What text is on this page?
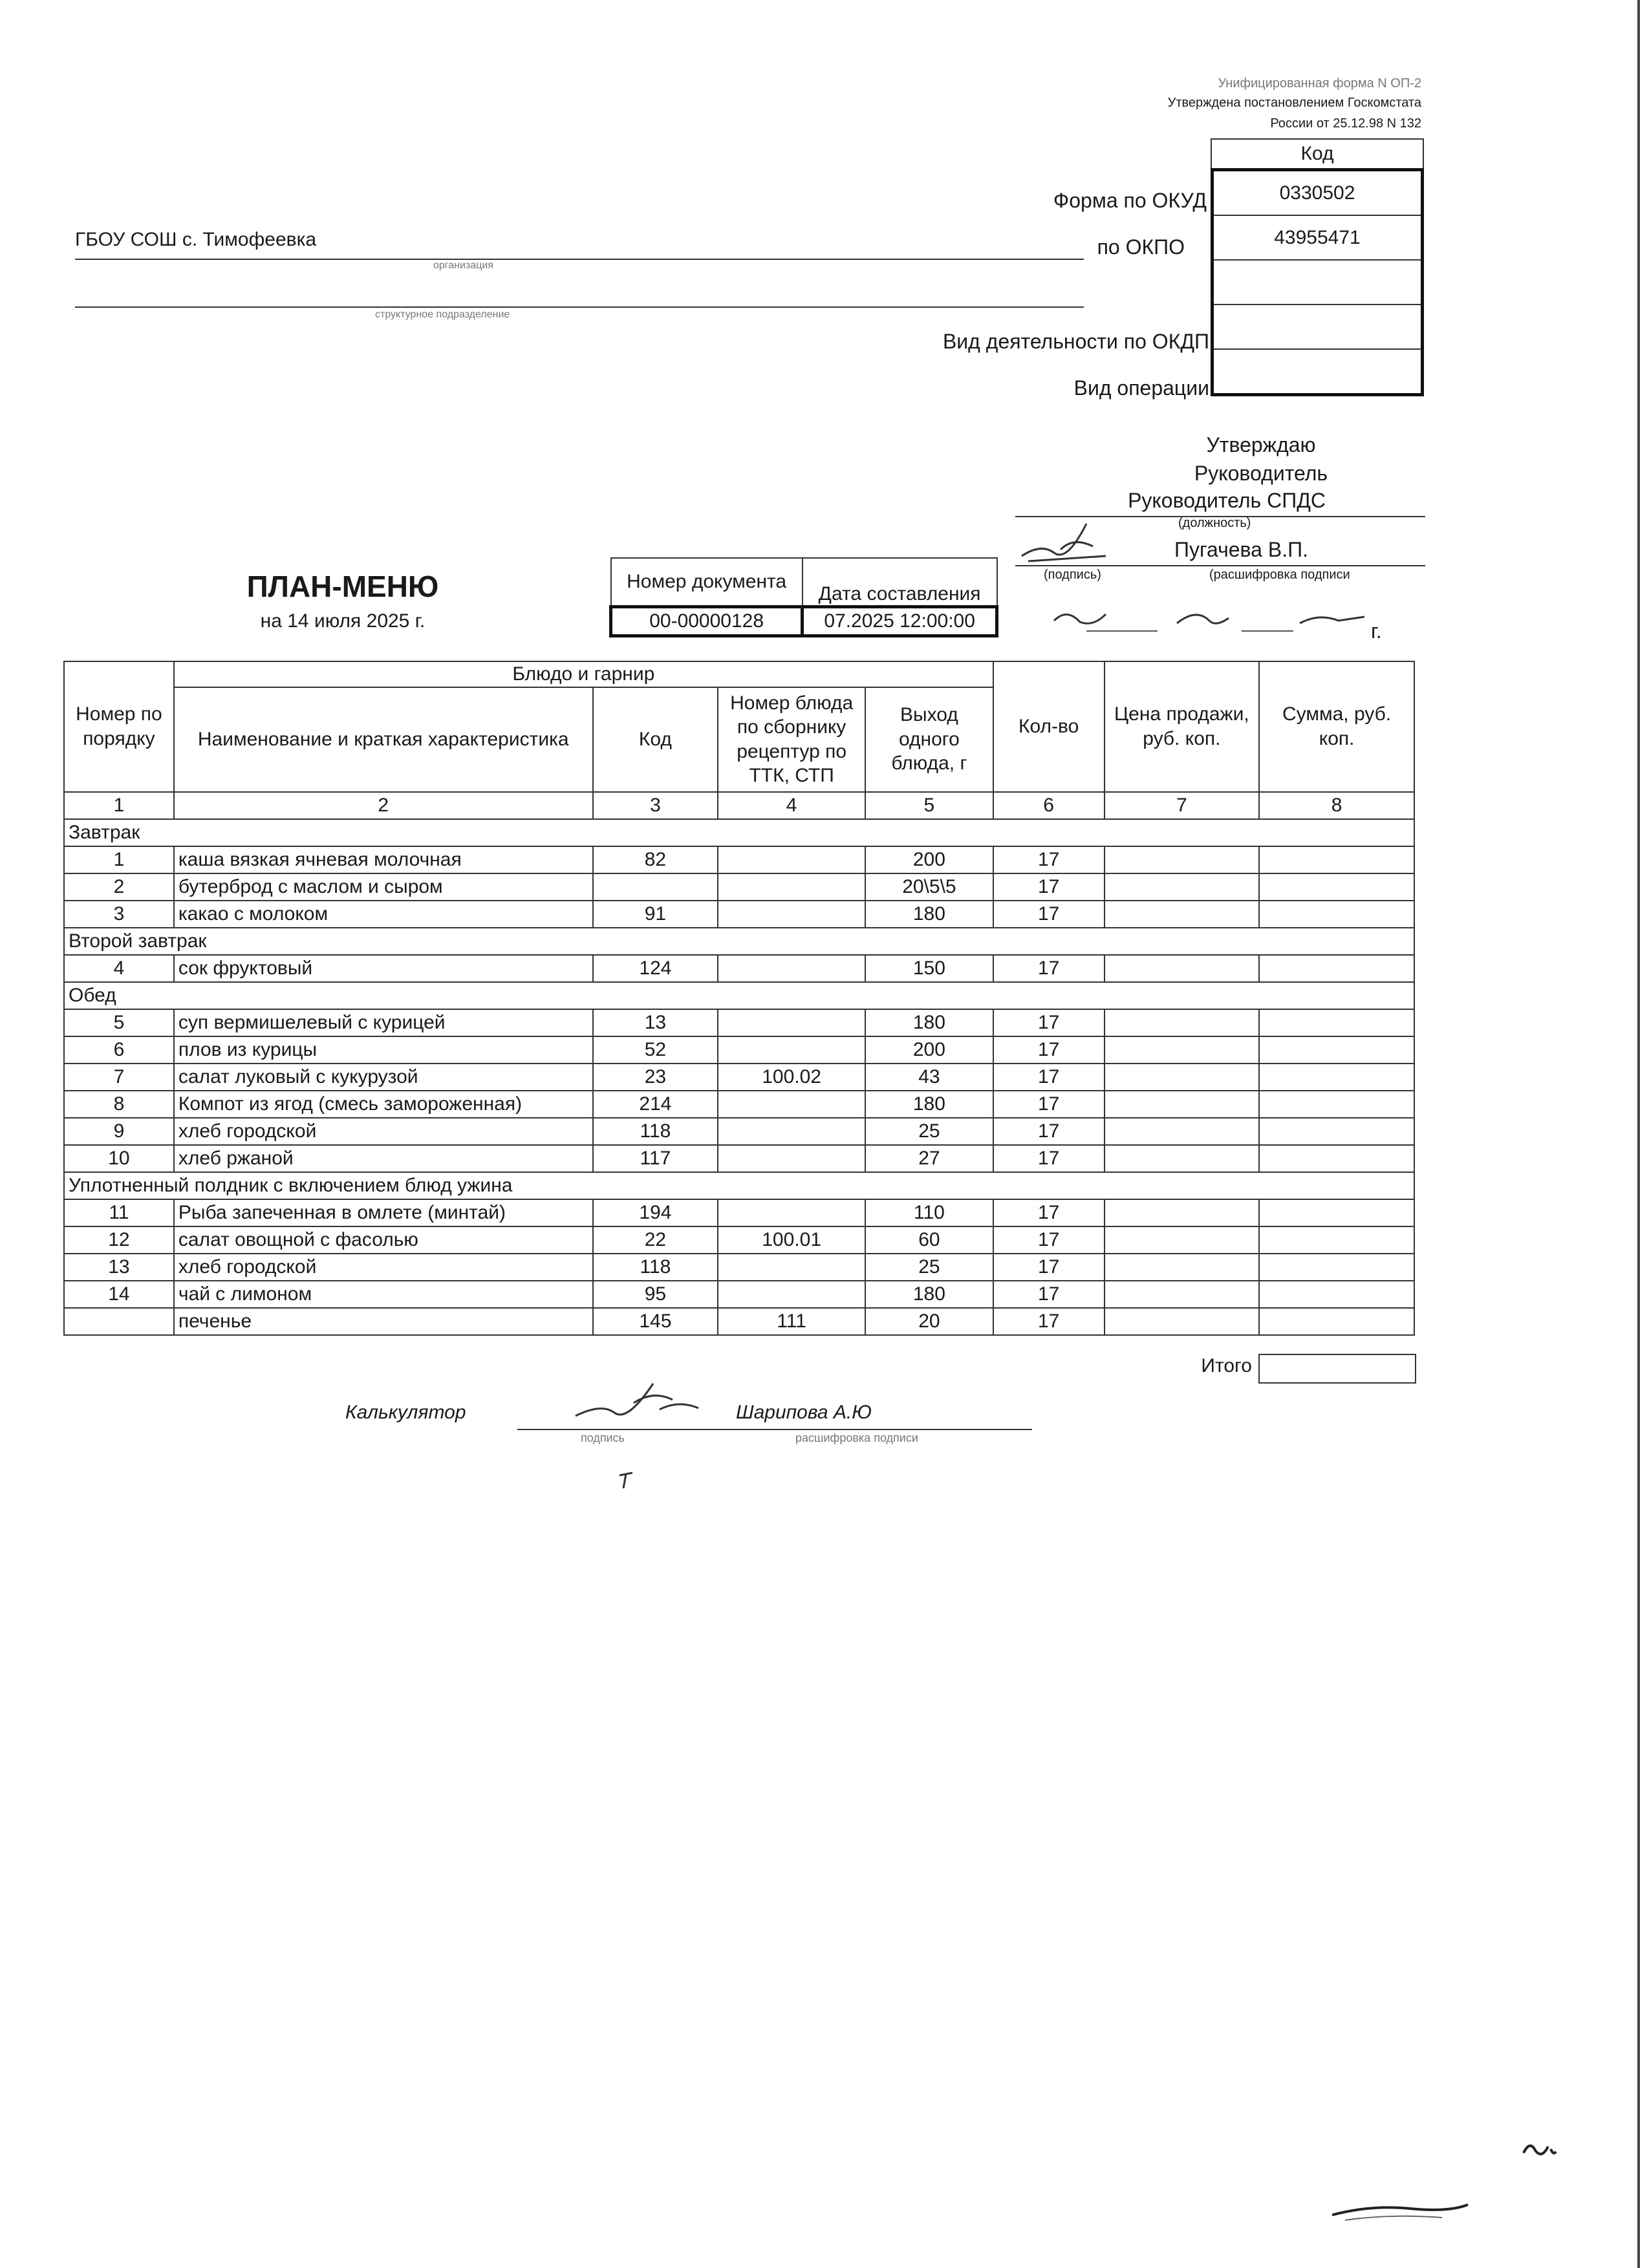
Унифицированная форма N ОП-2
Утверждена постановлением Госкомстата
России от 25.12.98 N 132
Код
0330502
43955471
Форма по ОКУД
по ОКПО
Вид деятельности по ОКДП
Вид операции
ГБОУ СОШ с. Тимофеевка
организация
структурное подразделение
Утверждаю
Руководитель
Руководитель СПДС
(должность)
Пугачева В.П.
(подпись)	(расшифровка подписи
г.
ПЛАН-МЕНЮ
на 14 июля 2025 г.
Номер документа	Дата составления
00-00000128	07.2025 12:00:00
Номер по порядку	Блюдо и гарнир				Кол-во	Цена продажи, руб. коп.	Сумма, руб. коп.
	Наименование и краткая характеристика	Код	Номер блюда по сборнику рецептур по ТТК, СТП	Выход одного блюда, г			
1	2	3	4	5	6	7	8
Завтрак							
1	каша вязкая ячневая молочная	82		200	17		
2	бутерброд с маслом и сыром			20\5\5	17		
3	какао с молоком	91		180	17		
Второй завтрак							
4	сок фруктовый	124		150	17		
Обед							
5	суп вермишелевый с курицей	13		180	17		
6	плов из курицы	52		200	17		
7	салат луковый с кукурузой	23	100.02	43	17		
8	Компот из ягод (смесь замороженная)	214		180	17		
9	хлеб городской	118		25	17		
10	хлеб ржаной	117		27	17		
Уплотненный полдник с включением блюд ужина							
11	Рыба запеченная в омлете (минтай)	194		110	17		
12	салат овощной с фасолью	22	100.01	60	17		
13	хлеб городской	118		25	17		
14	чай с лимоном	95		180	17		
	печенье	145	111	20	17		
Итого
Калькулятор
подпись
Шарипова А.Ю
расшифровка подписи
